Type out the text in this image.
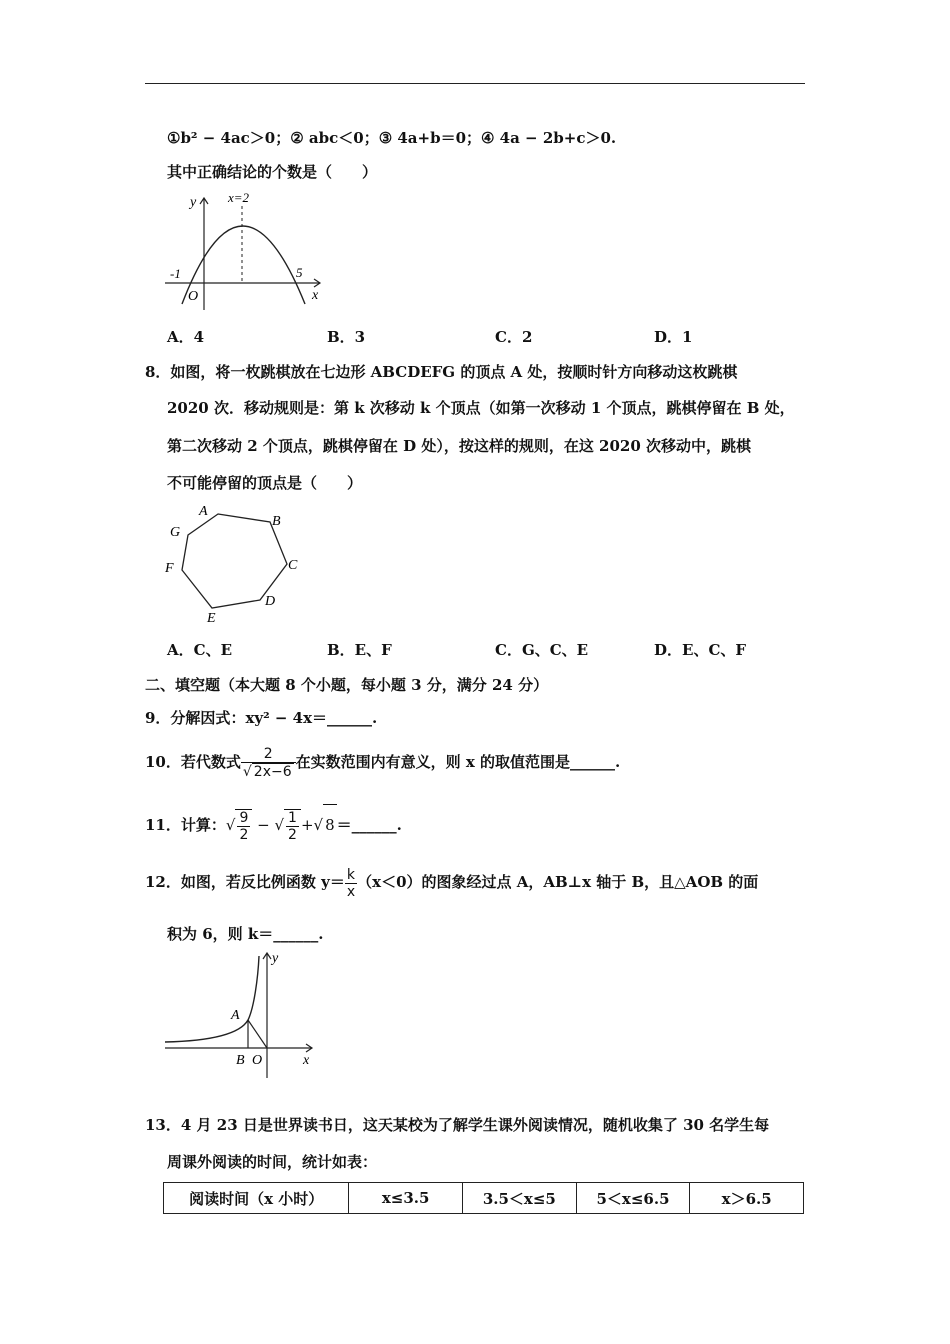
①b² − 4ac＞0；② abc＜0；③ 4a+b＝0；④ 4a − 2b+c＞0.
其中正确结论的个数是（　　）
y
x
x=2
-1	5
O
A．4	B．3	C．2	D．1
8．如图，将一枚跳棋放在七边形 ABCDEFG 的顶点 A 处，按顺时针方向移动这枚跳棋
2020 次．移动规则是：第 k 次移动 k 个顶点（如第一次移动 1 个顶点，跳棋停留在 B 处，
第二次移动 2 个顶点，跳棋停留在 D 处），按这样的规则，在这 2020 次移动中，跳棋
不可能停留的顶点是（　　）
A
B
C
D
E
F
G
A．C、E	B．E、F	C．G、C、E	D．E、C、F
二、填空题（本大题 8 个小题，每小题 3 分，满分 24 分）
9．分解因式：xy² − 4x＝______.
10．若代数式 $\frac{2}{√ 2x-6}$ 在实数范围内有意义，则 x 的取值范围是______.
11．计算：√ $\frac{9}{2}$ − √ $\frac{1}{2}$ +√ 8 ＝______.
12．如图，若反比例函数 $y= \frac{k}{x} (x<0)$的图象经过点 A，AB⊥x 轴于 B，且△AOB 的面
积为 6，则 k＝______.
y
x
A
B O
13．4 月 23 日是世界读书日，这天某校为了解学生课外阅读情况，随机收集了 30 名学生每
周课外阅读的时间，统计如表：
阅读时间（x 小时）	x≤3.5	3.5＜x≤5	5＜x≤6.5	x＞6.5
